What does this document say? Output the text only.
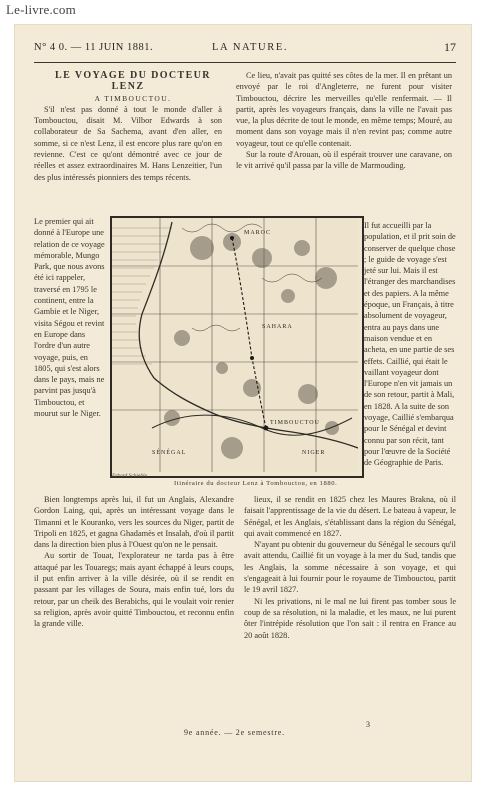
Le-livre.com
N° 4 0. — 11 JUIN 1881.	LA NATURE.	17

LE VOYAGE DU DOCTEUR LENZ

A TIMBOUCTOU.

S'il n'est pas donné à tout le monde d'aller à Tombouctou, disait M. Vilbor Edwards à son collaborateur de Sa Sachema, avant d'en aller, en somme, si ce n'est Lenz, il est encore plus rare qu'on en revienne. C'est ce qu'ont démontré avec ce jour de réelles et assez extraordinaires M. Hans Lenzeitier, l'un des plus intéressés pionniers des temps récents.

Ce lieu, n'avait pas quitté ses côtes de la mer. Il en prêtant un envoyé par le roi d'Angleterre, ne furent pour visiter Timbouctou, décrire les merveilles qu'elle renfermait. — Il partit, après les voyageurs français, dans la ville ne l'avait pas vue, la plus décrite de tout le monde, en même temps; Mouré, au moment dans son voyage mais il n'en revint pas; comme autre voyageur, tout ce qu'elle contenait.

Sur la route d'Arouan, où il espérait trouver une caravane, on le vit arrivé qu'il passa par la ville de Marmouding.

Le premier qui ait donné à l'Europe une relation de ce voyage mémorable, Mungo Park, que nous avons été ici rappeler, traversé en 1795 le continent, entre la Gambie et le Niger, visita Ségou et revint en Europe dans l'ordre d'un autre voyage, puis, en 1805, qui s'est alors dans le pays, mais ne parvint pas jusqu'à Timbouctou, et mourut sur le Niger.
MAROC
SAHARA
SÉNÉGAL
TIMBOUCTOU
NIGER
Erhard Schieble
Itinéraire du docteur Lenz à Tombouctou, en 1880.
Il fut accueilli par la population, et il prit soin de conserver de quelque chose ; le guide de voyage s'est jeté sur lui. Mais il est l'étranger des marchandises et des papiers. A la même époque, un Français, à titre absolument de voyageur, entra au pays dans une maison vendue et en acheta, en une partie de ses effets. Caillié, qui était le vaillant voyageur dont l'Europe n'en vit jamais un de son retour, partit à Mali, en 1828. A la suite de son voyage, Caillié s'embarqua pour le Sénégal et devint connu par son récit, tant pour l'œuvre de la Société de Géographie de Paris.

Bien longtemps après lui, il fut un Anglais, Alexandre Gordon Laing, qui, après un intéressant voyage dans le Timanni et le Kouranko, vers les sources du Niger, partit de Tripoli en 1825, et gagna Ghadamès et Insalah, d'où il partit dans la direction bien plus à l'Ouest qu'on ne le pensait.

Au sortir de Touat, l'explorateur ne tarda pas à être attaqué par les Touaregs; mais ayant échappé à leurs coups, il put enfin arriver à la ville désirée, où il se rendit en passant par les villages de Soura, mais enfin tué, lors du retour, par un cheik des Berabichs, qui le voulait voir renier sa religion, après avoir quitté Timbouctou, et reconnu enfin la grande ville.

lieux, il se rendit en 1825 chez les Maures Brakna, où il faisait l'apprentissage de la vie du désert. Le bateau à vapeur, le Sénégal, et les Anglais, s'établissant dans la région du Sénégal, qui avait commencé en 1827.

N'ayant pu obtenir du gouverneur du Sénégal le secours qu'il avait attendu, Caillié fit un voyage à la mer du Sud, tandis que les Anglais, la somme nécessaire à son voyage, et qui s'engageait à lui fournir pour le royaume de Timbouctou, partit le 19 avril 1827.

Ni les privations, ni le mal ne lui firent pas tomber sous le coup de sa résolution, ni la maladie, et les maux, ne lui purent ôter l'intrépide résolution que l'on sait : il rentra en France au 20 août 1828.

9e année. — 2e semestre.
3
